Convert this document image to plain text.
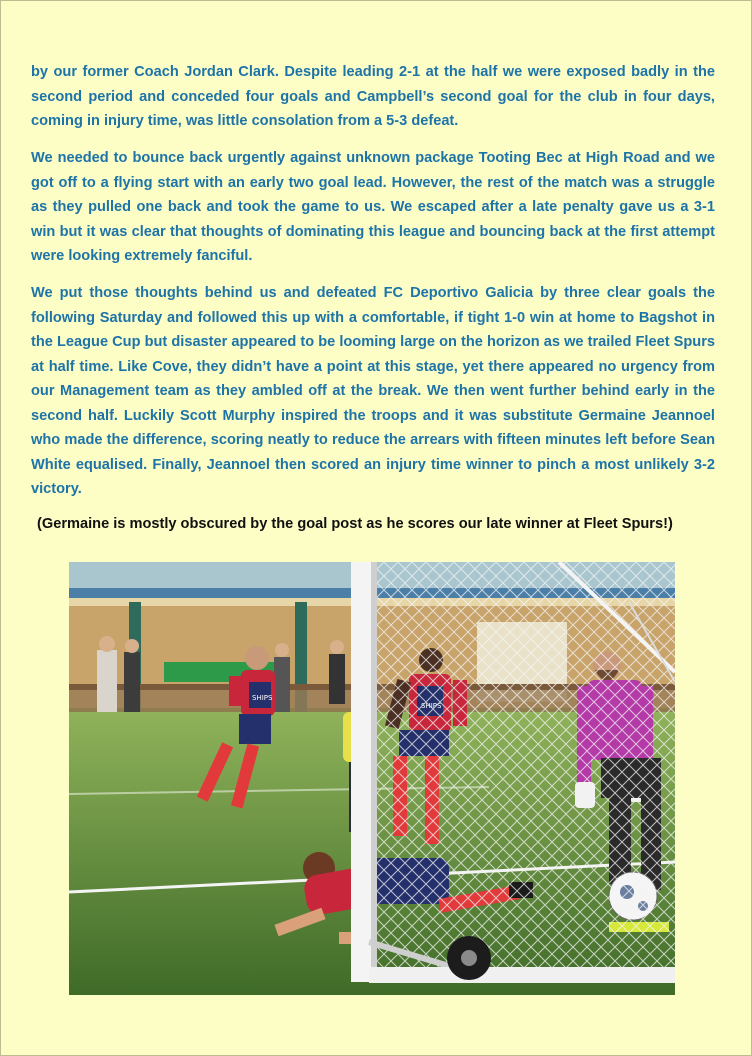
by our former Coach Jordan Clark. Despite leading 2-1 at the half we were exposed badly in the second period and conceded four goals and Campbell’s second goal for the club in four days, coming in injury time, was little consolation from a 5-3 defeat.

We needed to bounce back urgently against unknown package Tooting Bec at High Road and we got off to a flying start with an early two goal lead. However, the rest of the match was a struggle as they pulled one back and took the game to us. We escaped after a late penalty gave us a 3-1 win but it was clear that thoughts of dominating this league and bouncing back at the first attempt were looking extremely fanciful.

We put those thoughts behind us and defeated FC Deportivo Galicia by three clear goals the following Saturday and followed this up with a comfortable, if tight 1-0 win at home to Bagshot in the League Cup but disaster appeared to be looming large on the horizon as we trailed Fleet Spurs at half time. Like Cove, they didn’t have a point at this stage, yet there appeared no urgency from our Management team as they ambled off at the break. We then went further behind early in the second half. Luckily Scott Murphy inspired the troops and it was substitute Germaine Jeannoel who made the difference, scoring neatly to reduce the arrears with fifteen minutes left before Sean White equalised. Finally, Jeannoel then scored an injury time winner to pinch a most unlikely 3-2 victory.

(Germaine is mostly obscured by the goal post as he scores our late winner at Fleet Spurs!)

SHIPS
